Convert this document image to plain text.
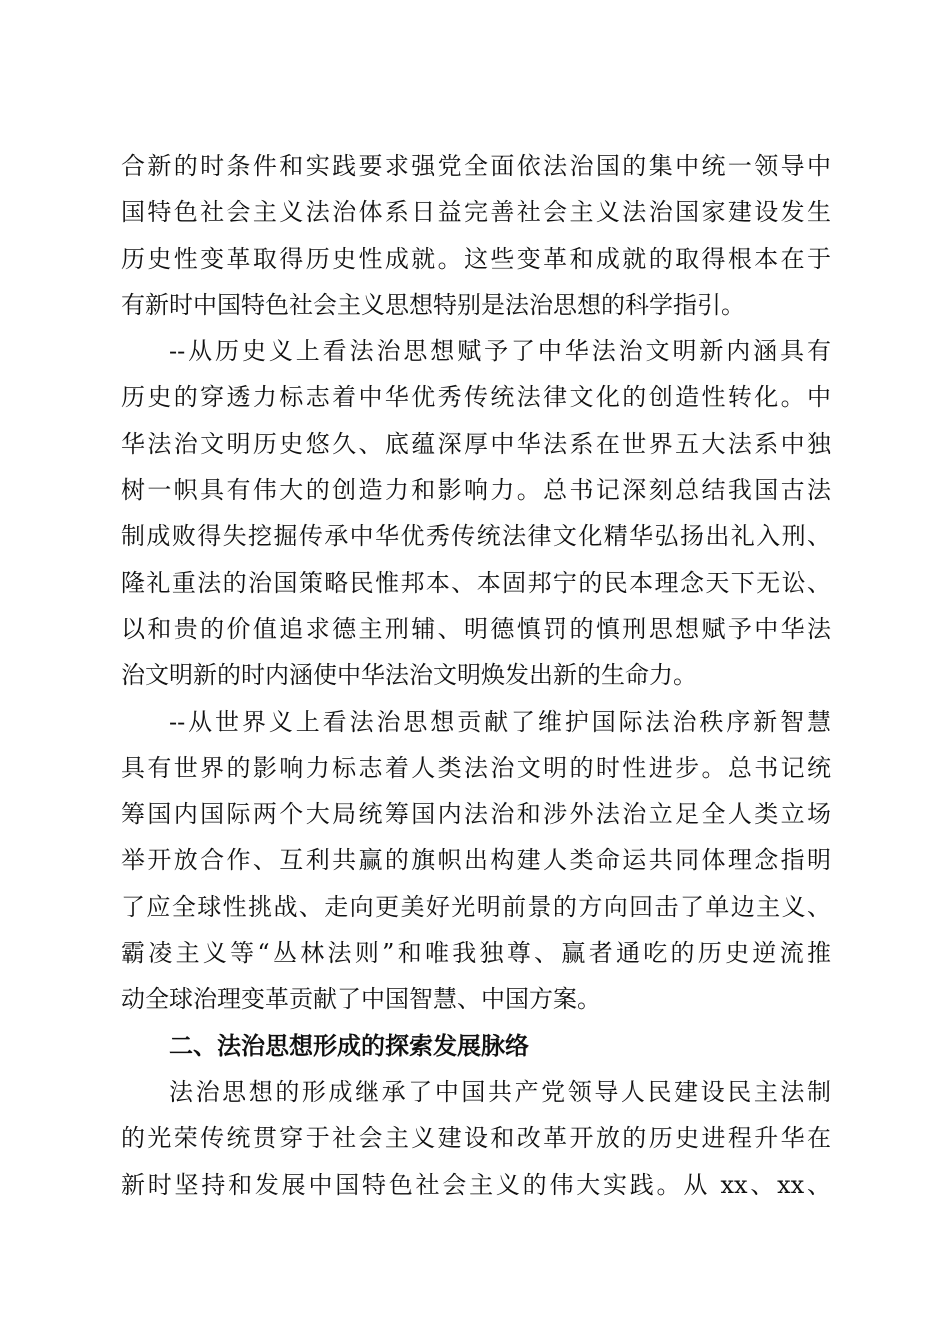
合新的时条件和实践要求强党全面依法治国的集中统一领导中
国特色社会主义法治体系日益完善社会主义法治国家建设发生
历史性变革取得历史性成就。这些变革和成就的取得根本在于
有新时中国特色社会主义思想特别是法治思想的科学指引。
--从历史义上看法治思想赋予了中华法治文明新内涵具有
历史的穿透力标志着中华优秀传统法律文化的创造性转化。中
华法治文明历史悠久、底蕴深厚中华法系在世界五大法系中独
树一帜具有伟大的创造力和影响力。总书记深刻总结我国古法
制成败得失挖掘传承中华优秀传统法律文化精华弘扬出礼入刑、
隆礼重法的治国策略民惟邦本、本固邦宁的民本理念天下无讼、
以和贵的价值追求德主刑辅、明德慎罚的慎刑思想赋予中华法
治文明新的时内涵使中华法治文明焕发出新的生命力。
--从世界义上看法治思想贡献了维护国际法治秩序新智慧
具有世界的影响力标志着人类法治文明的时性进步。总书记统
筹国内国际两个大局统筹国内法治和涉外法治立足全人类立场
举开放合作、互利共赢的旗帜出构建人类命运共同体理念指明
了应全球性挑战、走向更美好光明前景的方向回击了单边主义、
霸凌主义等“丛林法则”和唯我独尊、赢者通吃的历史逆流推
动全球治理变革贡献了中国智慧、中国方案。
二、法治思想形成的探索发展脉络
法治思想的形成继承了中国共产党领导人民建设民主法制
的光荣传统贯穿于社会主义建设和改革开放的历史进程升华在
新时坚持和发展中国特色社会主义的伟大实践。从 xx、xx、
